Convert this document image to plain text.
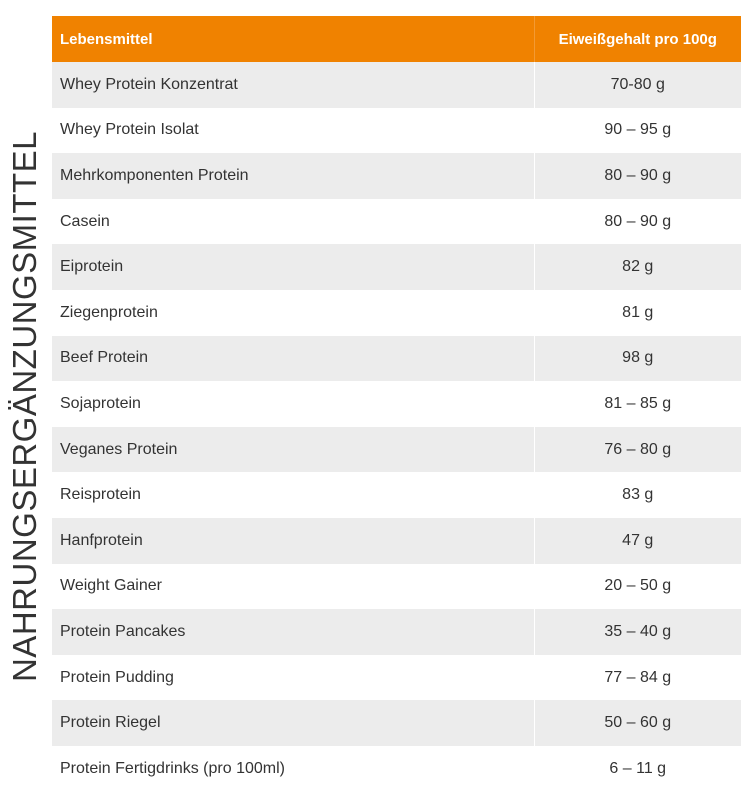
NAHRUNGSERGÄNZUNGSMITTEL
Lebensmittel	Eiweißgehalt pro 100g
Whey Protein Konzentrat	70-80 g
Whey Protein Isolat	90 – 95 g
Mehrkomponenten Protein	80 – 90 g
Casein	80 – 90 g
Eiprotein	82 g
Ziegenprotein	81 g
Beef Protein	98 g
Sojaprotein	81 – 85 g
Veganes Protein	76 – 80 g
Reisprotein	83 g
Hanfprotein	47 g
Weight Gainer	20 – 50 g
Protein Pancakes	35 – 40 g
Protein Pudding	77 – 84 g
Protein Riegel	50 – 60 g
Protein Fertigdrinks (pro 100ml)	6 – 11 g
